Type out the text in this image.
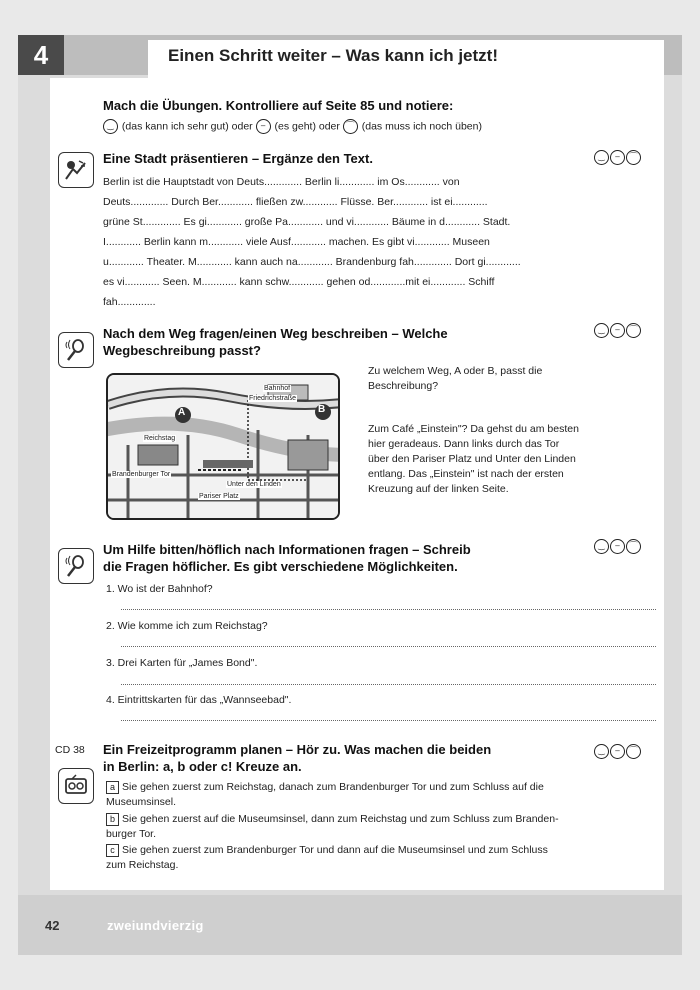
4	Einen Schritt weiter – Was kann ich jetzt!
Mach die Übungen. Kontrolliere auf Seite 85 und notiere:
‿ (das kann ich sehr gut) oder – (es geht) oder ⌒ (das muss ich noch üben)
Eine Stadt präsentieren – Ergänze den Text.	‿ – ⌒
Berlin ist die Hauptstadt von Deuts............. Berlin li............ im Os............ von
Deuts............. Durch Ber............ fließen zw............ Flüsse. Ber............ ist ei............
grüne St............. Es gi............ große Pa............ und vi............ Bäume in d............ Stadt.
I............ Berlin kann m............ viele Ausf............ machen. Es gibt vi............ Museen
u............ Theater. M............ kann auch na............ Brandenburg fah............. Dort gi............
es vi............ Seen. M............ kann schw............ gehen od............mit ei............ Schiff
fah.............
Nach dem Weg fragen/einen Weg beschreiben – Welche
Wegbeschreibung passt?
‿ – ⌒
A	B
Bahnhof
Friedrichstraße
Reichstag
Brandenburger Tor
Unter den Linden
Pariser Platz
Zu welchem Weg, A oder B, passt die
Beschreibung?
Zum Café „Einstein"? Da gehst du am besten
hier geradeaus. Dann links durch das Tor
über den Pariser Platz und Unter den Linden
entlang. Das „Einstein" ist nach der ersten
Kreuzung auf der linken Seite.
Um Hilfe bitten/höflich nach Informationen fragen – Schreib
die Fragen höflicher. Es gibt verschiedene Möglichkeiten.
‿ – ⌒
1. Wo ist der Bahnhof?
2. Wie komme ich zum Reichstag?
3. Drei Karten für „James Bond".
4. Eintrittskarten für das „Wannseebad".
CD 38 Ein Freizeitprogramm planen – Hör zu. Was machen die beiden
in Berlin: a, b oder c! Kreuze an.
‿ – ⌒
a Sie gehen zuerst zum Reichstag, danach zum Brandenburger Tor und zum Schluss auf die
Museumsinsel.
b Sie gehen zuerst auf die Museumsinsel, dann zum Reichstag und zum Schluss zum Branden-
burger Tor.
c Sie gehen zuerst zum Brandenburger Tor und dann auf die Museumsinsel und zum Schluss
zum Reichstag.
42	zweiundvierzig
